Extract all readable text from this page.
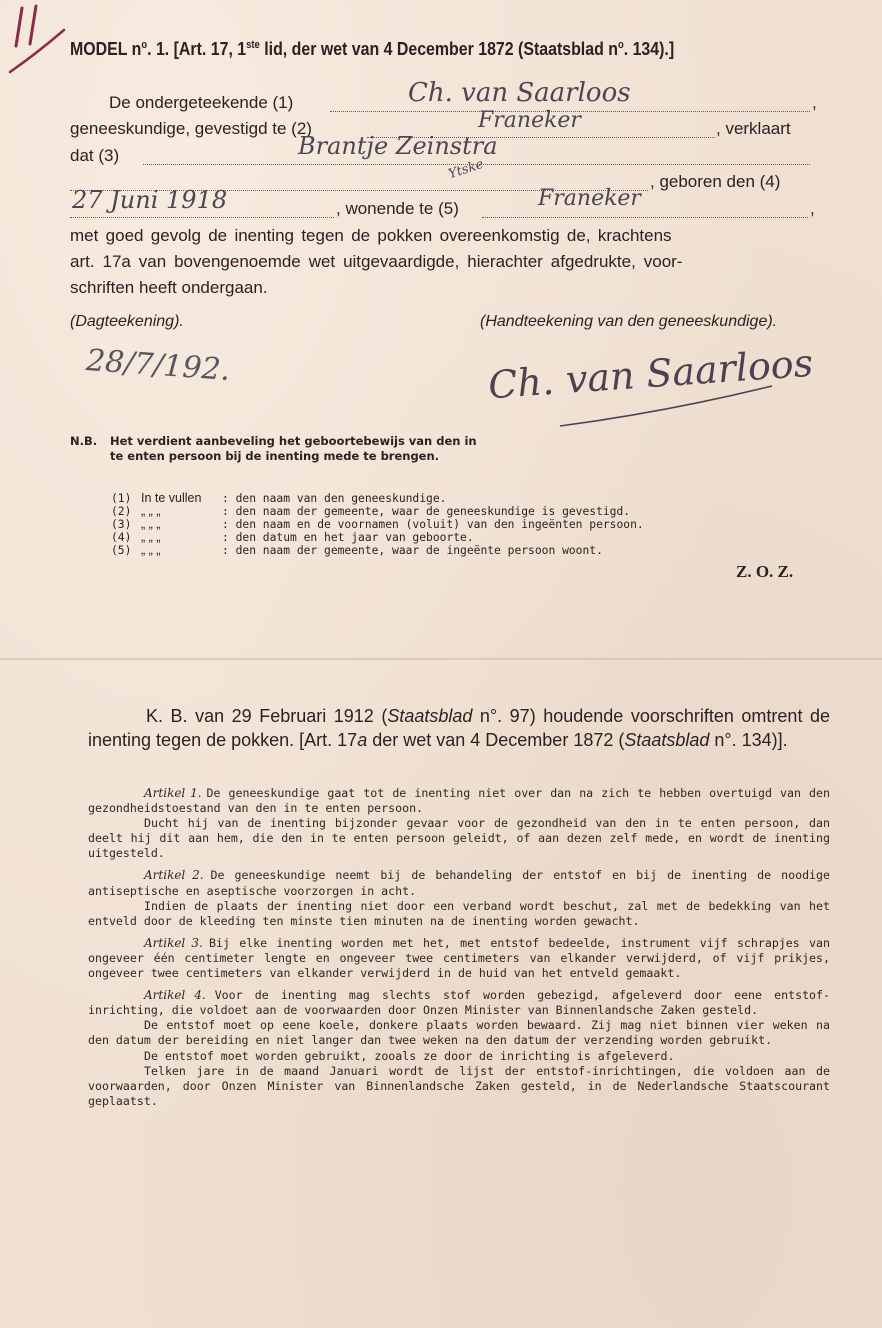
MODEL $n^o$. 1. [Art. 17, 1ste lid, der wet van 4 December 1872 (Staatsblad $n^o$. 134).]
De ondergeteekende (1)	,
Ch. van Saarloos
geneeskundige, gevestigd te (2)	, verklaart
Franeker
dat (3)	Brantje Zeinstra
Ytske	, geboren den (4)
27 Juni 1918	, wonende te (5)	,
Franeker
met goed gevolg de inenting tegen de pokken overeenkomstig de, krachtens
art. 17a van bovengenoemde wet uitgevaardigde, hierachter afgedrukte, voor-
schriften heeft ondergaan.
(Dagteekening).	(Handteekening van den geneeskundige).
28/7/192.	Ch. van Saarloos
N.B. Het verdient aanbeveling het geboortebewijs van den in te enten persoon bij de inenting mede te brengen.
(1) In te vullen : den naam van den geneeskundige.
(2) „ „ „	: den naam der gemeente, waar de geneeskundige is gevestigd.
(3) „ „ „	: den naam en de voornamen (voluit) van den ingeënten persoon.
(4) „ „ „	: den datum en het jaar van geboorte.
(5) „ „ „	: den naam der gemeente, waar de ingeënte persoon woont.
Z. O. Z.
K. B. van 29 Februari 1912 (Staatsblad n°. 97) houdende voorschriften omtrent de inenting tegen de pokken. [Art. 17a der wet van 4 December 1872 (Staatsblad n°. 134)].

Artikel 1. De geneeskundige gaat tot de inenting niet over dan na zich te hebben overtuigd van den gezondheidstoestand van den in te enten persoon.

Ducht hij van de inenting bijzonder gevaar voor de gezondheid van den in te enten persoon, dan deelt hij dit aan hem, die den in te enten persoon geleidt, of aan dezen zelf mede, en wordt de inenting uitgesteld.

Artikel 2. De geneeskundige neemt bij de behandeling der entstof en bij de inenting de noodige antiseptische en aseptische voorzorgen in acht.

Indien de plaats der inenting niet door een verband wordt beschut, zal met de bedekking van het entveld door de kleeding ten minste tien minuten na de inenting worden gewacht.

Artikel 3. Bij elke inenting worden met het, met entstof bedeelde, instrument vijf schrapjes van ongeveer één centimeter lengte en ongeveer twee centimeters van elkander verwijderd, of vijf prikjes, ongeveer twee centimeters van elkander verwijderd in de huid van het entveld gemaakt.

Artikel 4. Voor de inenting mag slechts stof worden gebezigd, afgeleverd door eene entstof-inrichting, die voldoet aan de voorwaarden door Onzen Minister van Binnenlandsche Zaken gesteld.

De entstof moet op eene koele, donkere plaats worden bewaard. Zij mag niet binnen vier weken na den datum der bereiding en niet langer dan twee weken na den datum der verzending worden gebruikt.

De entstof moet worden gebruikt, zooals ze door de inrichting is afgeleverd.

Telken jare in de maand Januari wordt de lijst der entstof-inrichtingen, die voldoen aan de voorwaarden, door Onzen Minister van Binnenlandsche Zaken gesteld, in de Nederlandsche Staatscourant geplaatst.
